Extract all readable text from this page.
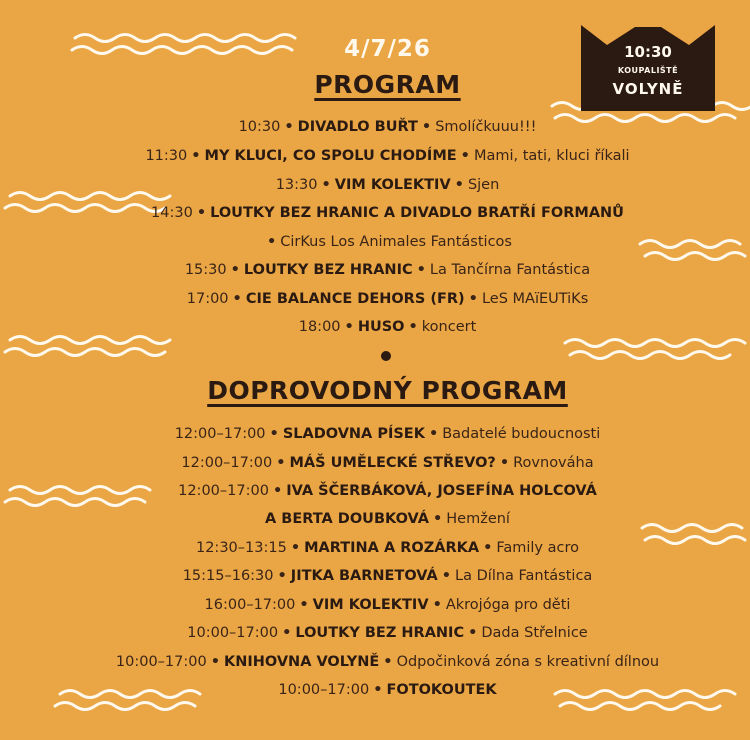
10:30
KOUPALIŠTĚ
VOLYNĚ
4/7/26
PROGRAM
10:30 • DIVADLO BUŘT • Smolíčkuuu!!!
11:30 • MY KLUCI, CO SPOLU CHODÍME • Mami, tati, kluci říkali
13:30 • VIM KOLEKTIV • Sjen
14:30 • LOUTKY BEZ HRANIC A DIVADLO BRATŘÍ FORMANŮ
• CirKus Los Animales Fantásticos
15:30 • LOUTKY BEZ HRANIC • La Tančírna Fantástica
17:00 • CIE BALANCE DEHORS (FR) • LeS MAïEUTiKs
18:00 • HUSO • koncert
DOPROVODNÝ PROGRAM
12:00–17:00 • SLADOVNA PÍSEK • Badatelé budoucnosti
12:00–17:00 • MÁŠ UMĚLECKÉ STŘEVO? • Rovnováha
12:00–17:00 • IVA ŠČERBÁKOVÁ, JOSEFÍNA HOLCOVÁ
A BERTA DOUBKOVÁ • Hemžení
12:30–13:15 • MARTINA A ROZÁRKA • Family acro
15:15–16:30 • JITKA BARNETOVÁ • La Dílna Fantástica
16:00–17:00 • VIM KOLEKTIV • Akrojóga pro děti
10:00–17:00 • LOUTKY BEZ HRANIC • Dada Střelnice
10:00–17:00 • KNIHOVNA VOLYNĚ • Odpočinková zóna s kreativní dílnou
10:00–17:00 • FOTOKOUTEK
